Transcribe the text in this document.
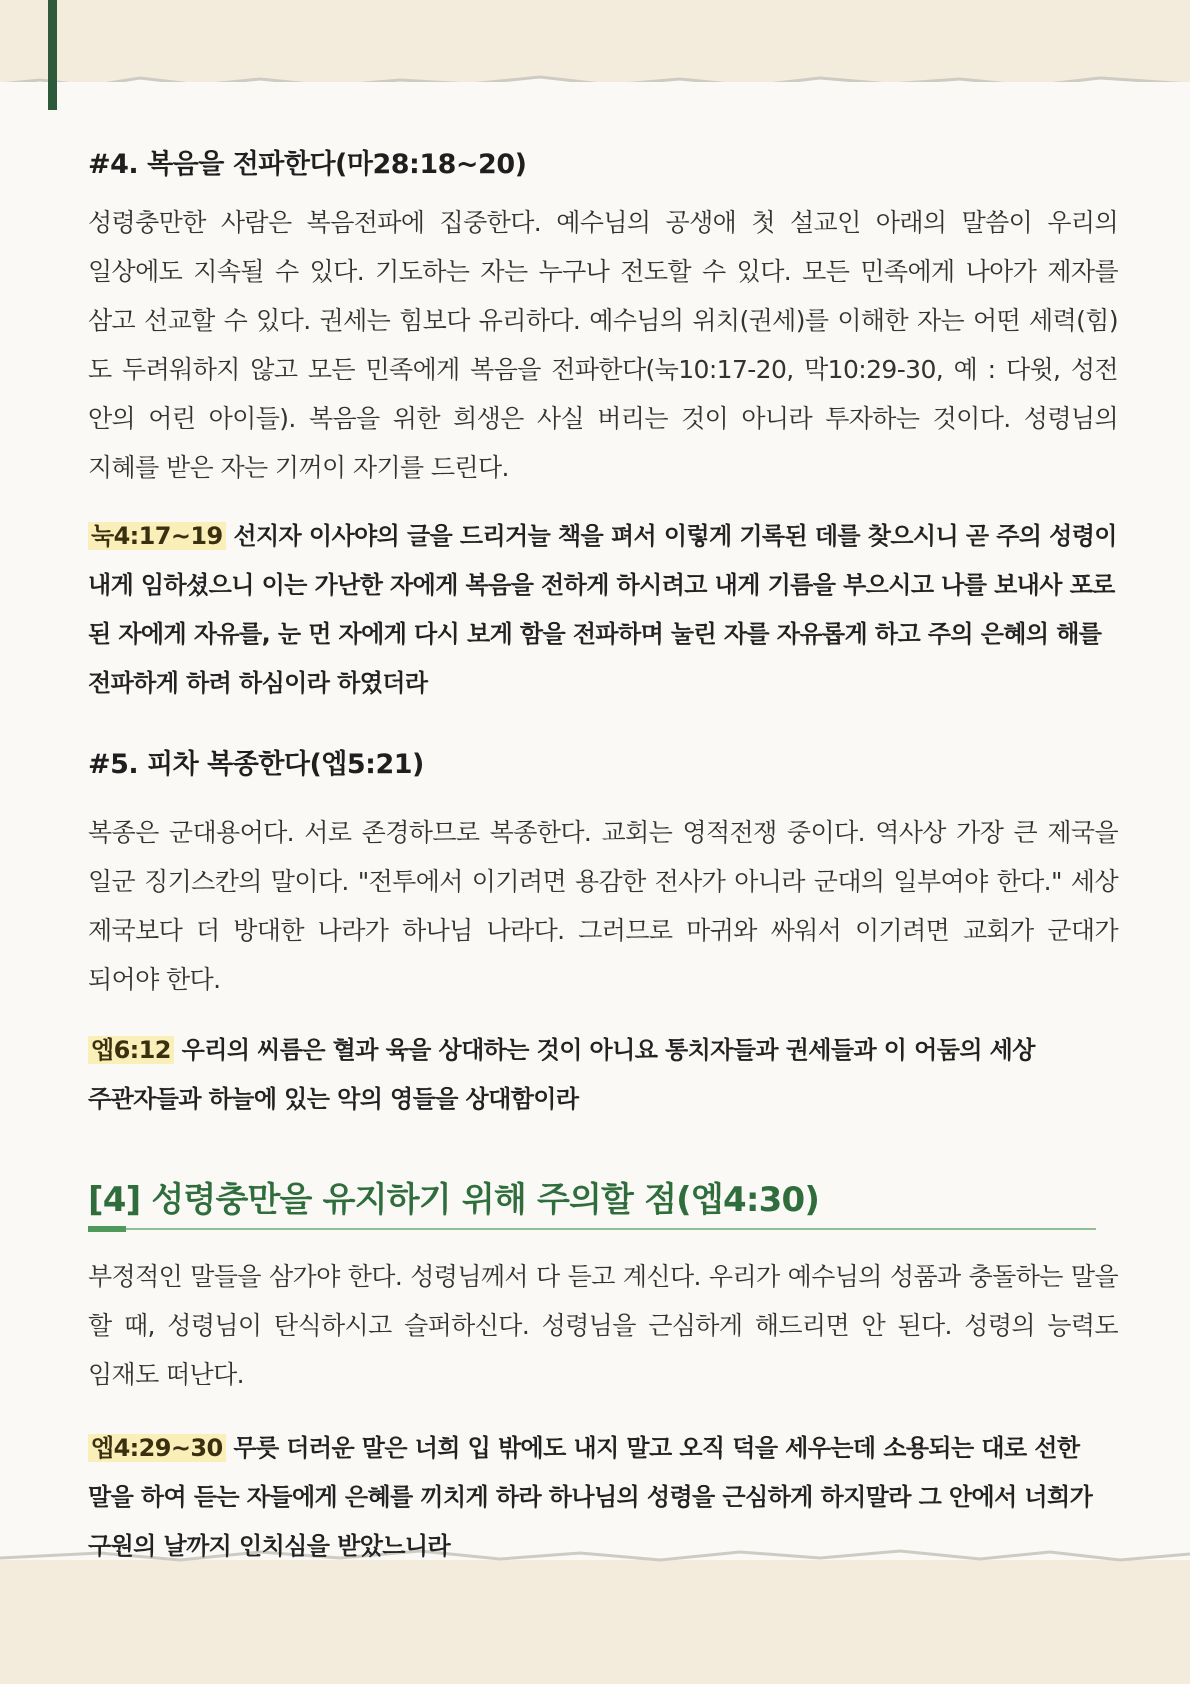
#4. 복음을 전파한다(마28:18~20)

성령충만한 사람은 복음전파에 집중한다. 예수님의 공생애 첫 설교인 아래의 말씀이 우리의 일상에도 지속될 수 있다. 기도하는 자는 누구나 전도할 수 있다. 모든 민족에게 나아가 제자를 삼고 선교할 수 있다. 권세는 힘보다 유리하다. 예수님의 위치(권세)를 이해한 자는 어떤 세력(힘)도 두려워하지 않고 모든 민족에게 복음을 전파한다(눅10:17-20, 막10:29-30, 예 : 다윗, 성전 안의 어린 아이들). 복음을 위한 희생은 사실 버리는 것이 아니라 투자하는 것이다. 성령님의 지혜를 받은 자는 기꺼이 자기를 드린다.

눅4:17~19 선지자 이사야의 글을 드리거늘 책을 펴서 이렇게 기록된 데를 찾으시니 곧 주의 성령이 내게 임하셨으니 이는 가난한 자에게 복음을 전하게 하시려고 내게 기름을 부으시고 나를 보내사 포로 된 자에게 자유를, 눈 먼 자에게 다시 보게 함을 전파하며 눌린 자를 자유롭게 하고 주의 은혜의 해를 전파하게 하려 하심이라 하였더라

#5. 피차 복종한다(엡5:21)

복종은 군대용어다. 서로 존경하므로 복종한다. 교회는 영적전쟁 중이다. 역사상 가장 큰 제국을 일군 징기스칸의 말이다. "전투에서 이기려면 용감한 전사가 아니라 군대의 일부여야 한다." 세상 제국보다 더 방대한 나라가 하나님 나라다. 그러므로 마귀와 싸워서 이기려면 교회가 군대가 되어야 한다.

엡6:12 우리의 씨름은 혈과 육을 상대하는 것이 아니요 통치자들과 권세들과 이 어둠의 세상 주관자들과 하늘에 있는 악의 영들을 상대함이라

[4] 성령충만을 유지하기 위해 주의할 점(엡4:30)

부정적인 말들을 삼가야 한다. 성령님께서 다 듣고 계신다. 우리가 예수님의 성품과 충돌하는 말을 할 때, 성령님이 탄식하시고 슬퍼하신다. 성령님을 근심하게 해드리면 안 된다. 성령의 능력도 임재도 떠난다.

엡4:29~30 무릇 더러운 말은 너희 입 밖에도 내지 말고 오직 덕을 세우는데 소용되는 대로 선한 말을 하여 듣는 자들에게 은혜를 끼치게 하라 하나님의 성령을 근심하게 하지말라 그 안에서 너희가 구원의 날까지 인치심을 받았느니라
